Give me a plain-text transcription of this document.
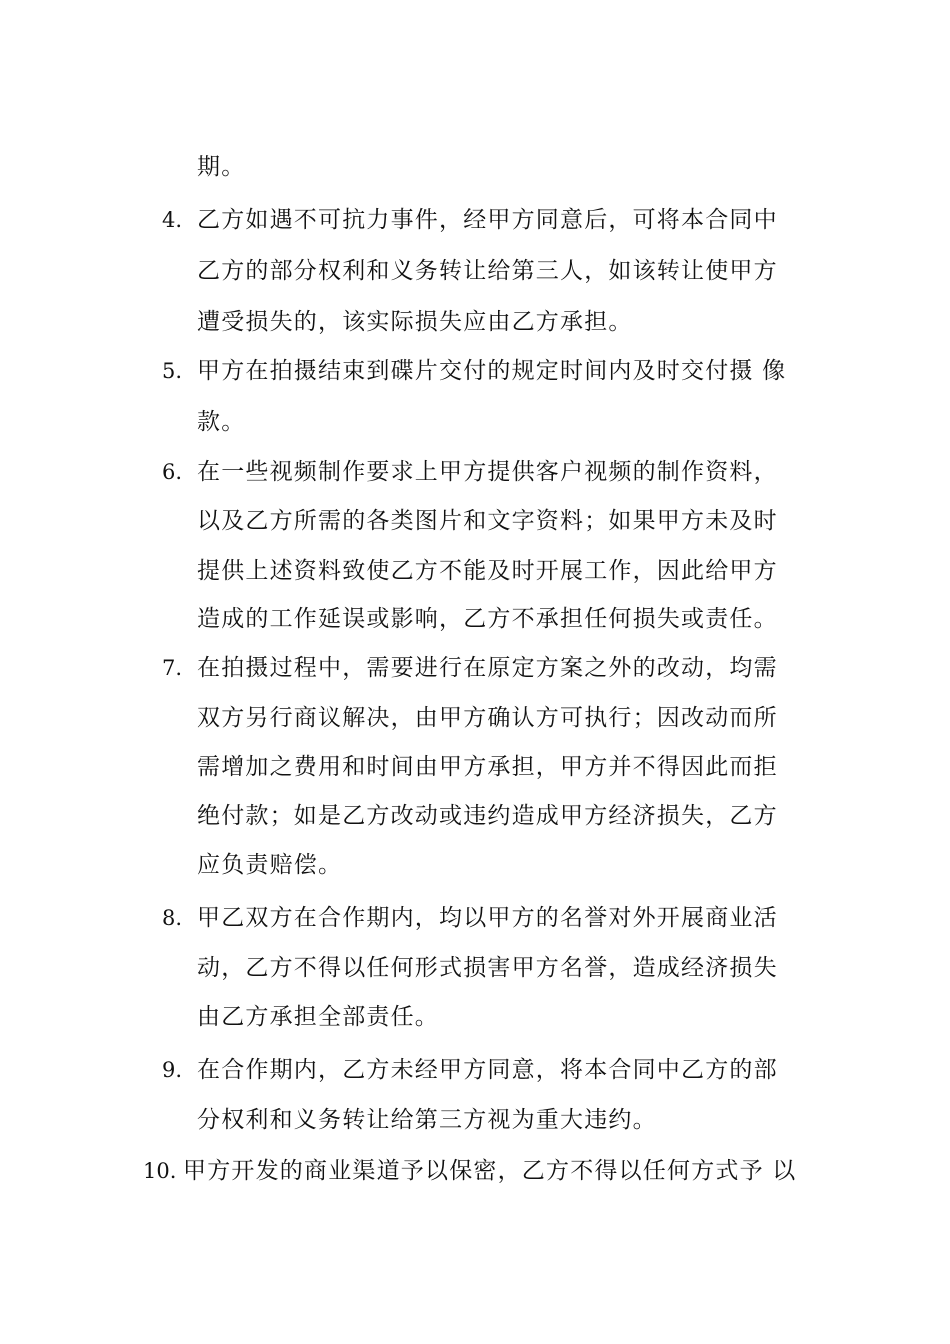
期。
4. 乙方如遇不可抗力事件，经甲方同意后，可将本合同中
乙方的部分权利和义务转让给第三人，如该转让使甲方
遭受损失的，该实际损失应由乙方承担。
5. 甲方在拍摄结束到碟片交付的规定时间内及时交付摄 像
款。
6. 在一些视频制作要求上甲方提供客户视频的制作资料，
以及乙方所需的各类图片和文字资料；如果甲方未及时
提供上述资料致使乙方不能及时开展工作，因此给甲方
造成的工作延误或影响，乙方不承担任何损失或责任。
7. 在拍摄过程中，需要进行在原定方案之外的改动，均需
双方另行商议解决，由甲方确认方可执行；因改动而所
需增加之费用和时间由甲方承担，甲方并不得因此而拒
绝付款；如是乙方改动或违约造成甲方经济损失，乙方
应负责赔偿。
8. 甲乙双方在合作期内，均以甲方的名誉对外开展商业活
动，乙方不得以任何形式损害甲方名誉，造成经济损失
由乙方承担全部责任。
9. 在合作期内，乙方未经甲方同意，将本合同中乙方的部
分权利和义务转让给第三方视为重大违约。
10. 甲方开发的商业渠道予以保密，乙方不得以任何方式予 以
